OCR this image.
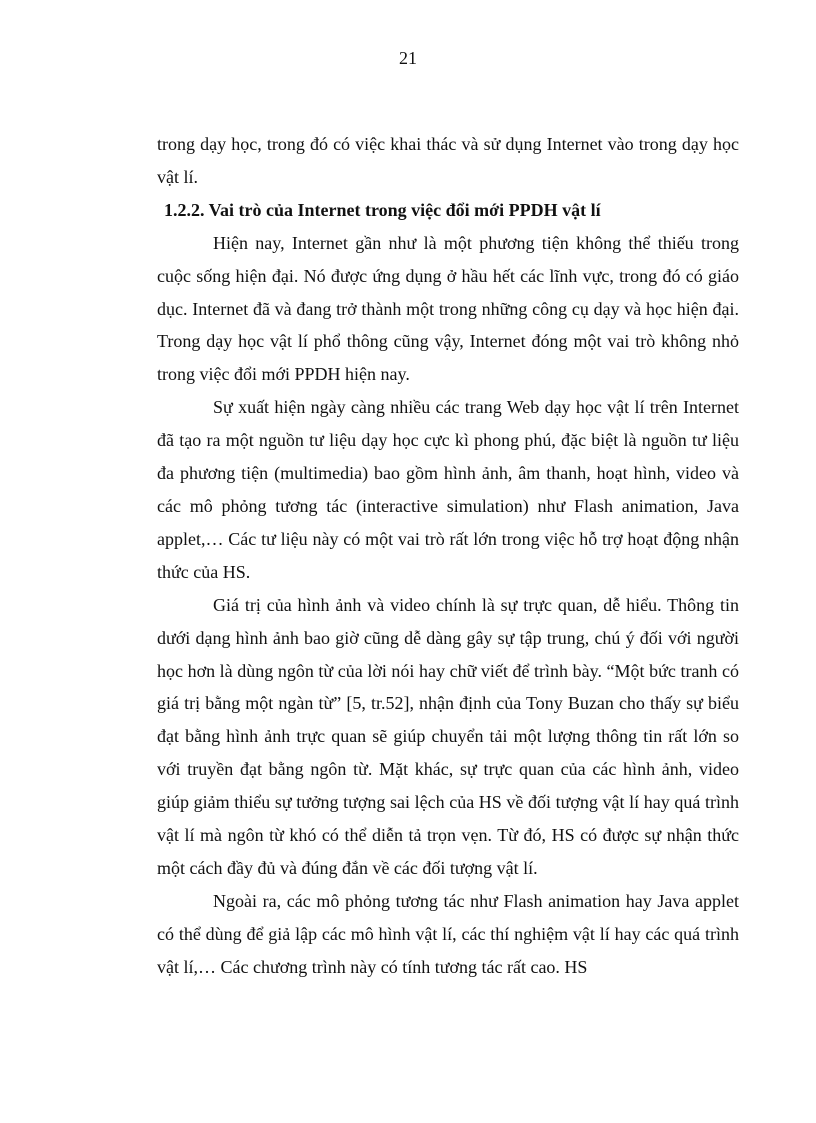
21

trong dạy học, trong đó có việc khai thác và sử dụng Internet vào trong dạy học vật lí.

1.2.2. Vai trò của Internet trong việc đổi mới PPDH vật lí

Hiện nay, Internet gần như là một phương tiện không thể thiếu trong cuộc sống hiện đại. Nó được ứng dụng ở hầu hết các lĩnh vực, trong đó có giáo dục. Internet đã và đang trở thành một trong những công cụ dạy và học hiện đại. Trong dạy học vật lí phổ thông cũng vậy, Internet đóng một vai trò không nhỏ trong việc đổi mới PPDH hiện nay.

Sự xuất hiện ngày càng nhiều các trang Web dạy học vật lí trên Internet đã tạo ra một nguồn tư liệu dạy học cực kì phong phú, đặc biệt là nguồn tư liệu đa phương tiện (multimedia) bao gồm hình ảnh, âm thanh, hoạt hình, video và các mô phỏng tương tác (interactive simulation) như Flash animation, Java applet,… Các tư liệu này có một vai trò rất lớn trong việc hỗ trợ hoạt động nhận thức của HS.

Giá trị của hình ảnh và video chính là sự trực quan, dễ hiểu. Thông tin dưới dạng hình ảnh bao giờ cũng dễ dàng gây sự tập trung, chú ý đối với người học hơn là dùng ngôn từ của lời nói hay chữ viết để trình bày. “Một bức tranh có giá trị bằng một ngàn từ” [5, tr.52], nhận định của Tony Buzan cho thấy sự biểu đạt bằng hình ảnh trực quan sẽ giúp chuyển tải một lượng thông tin rất lớn so với truyền đạt bằng ngôn từ. Mặt khác, sự trực quan của các hình ảnh, video giúp giảm thiểu sự tưởng tượng sai lệch của HS về đối tượng vật lí hay quá trình vật lí mà ngôn từ khó có thể diễn tả trọn vẹn. Từ đó, HS có được sự nhận thức một cách đầy đủ và đúng đắn về các đối tượng vật lí.

Ngoài ra, các mô phỏng tương tác như Flash animation hay Java applet có thể dùng để giả lập các mô hình vật lí, các thí nghiệm vật lí hay các quá trình vật lí,… Các chương trình này có tính tương tác rất cao. HS
